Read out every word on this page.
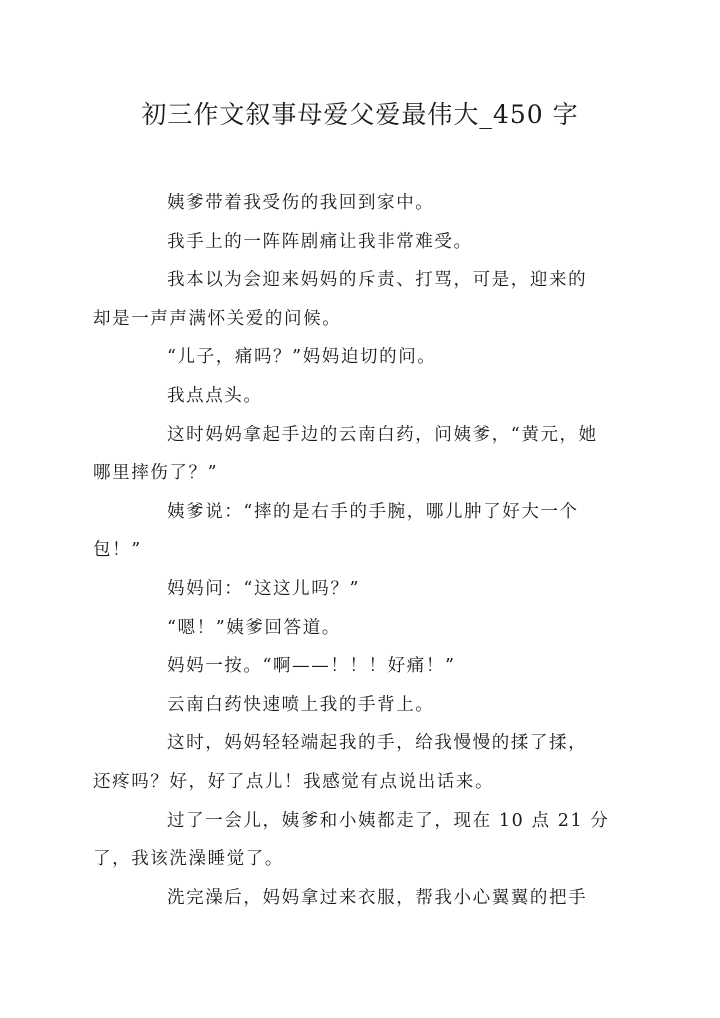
初三作文叙事母爱父爱最伟大_450 字

姨爹带着我受伤的我回到家中。

我手上的一阵阵剧痛让我非常难受。

我本以为会迎来妈妈的斥责、打骂，可是，迎来的
却是一声声满怀关爱的问候。

“儿子，痛吗？”妈妈迫切的问。

我点点头。

这时妈妈拿起手边的云南白药，问姨爹，“黄元，她
哪里摔伤了？”

姨爹说：“摔的是右手的手腕，哪儿肿了好大一个
包！”

妈妈问：“这这儿吗？”

“嗯！”姨爹回答道。

妈妈一按。“啊——！！！好痛！”

云南白药快速喷上我的手背上。

这时，妈妈轻轻端起我的手，给我慢慢的揉了揉，
还疼吗？好，好了点儿！我感觉有点说出话来。

过了一会儿，姨爹和小姨都走了，现在 10 点 21 分
了，我该洗澡睡觉了。

洗完澡后，妈妈拿过来衣服，帮我小心翼翼的把手
